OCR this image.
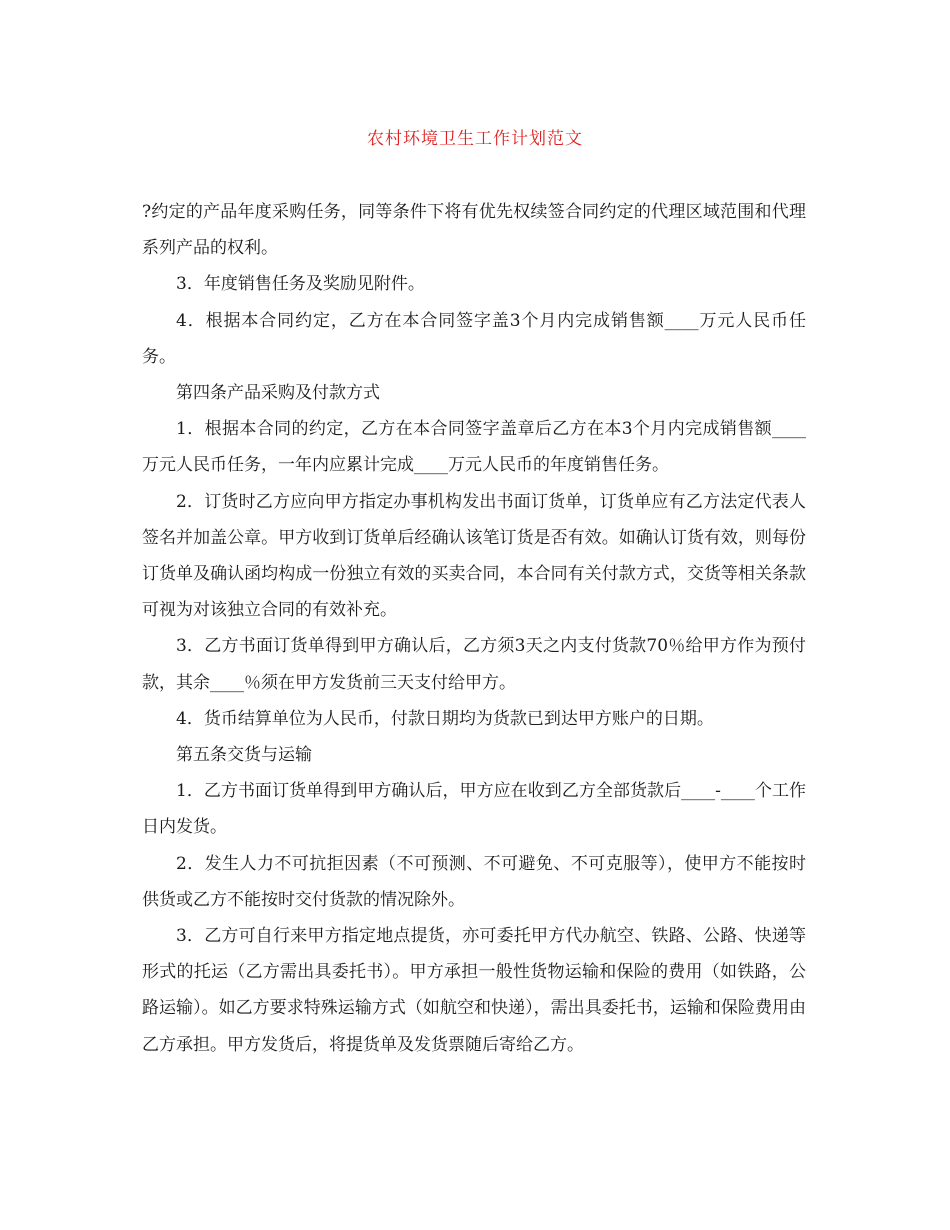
农村环境卫生工作计划范文

?约定的产品年度采购任务，同等条件下将有优先权续签合同约定的代理区域范围和代理系列产品的权利。

3．年度销售任务及奖励见附件。

4．根据本合同约定，乙方在本合同签字盖3个月内完成销售额____万元人民币任务。

第四条产品采购及付款方式

1．根据本合同的约定，乙方在本合同签字盖章后乙方在本3个月内完成销售额____万元人民币任务，一年内应累计完成____万元人民币的年度销售任务。

2．订货时乙方应向甲方指定办事机构发出书面订货单，订货单应有乙方法定代表人签名并加盖公章。甲方收到订货单后经确认该笔订货是否有效。如确认订货有效，则每份订货单及确认函均构成一份独立有效的买卖合同，本合同有关付款方式，交货等相关条款可视为对该独立合同的有效补充。

3．乙方书面订货单得到甲方确认后，乙方须3天之内支付货款70％给甲方作为预付款，其余____％须在甲方发货前三天支付给甲方。

4．货币结算单位为人民币，付款日期均为货款已到达甲方账户的日期。

第五条交货与运输

1．乙方书面订货单得到甲方确认后，甲方应在收到乙方全部货款后____-____个工作日内发货。

2．发生人力不可抗拒因素（不可预测、不可避免、不可克服等），使甲方不能按时供货或乙方不能按时交付货款的情况除外。

3．乙方可自行来甲方指定地点提货，亦可委托甲方代办航空、铁路、公路、快递等形式的托运（乙方需出具委托书）。甲方承担一般性货物运输和保险的费用（如铁路，公路运输）。如乙方要求特殊运输方式（如航空和快递），需出具委托书，运输和保险费用由乙方承担。甲方发货后，将提货单及发货票随后寄给乙方。
